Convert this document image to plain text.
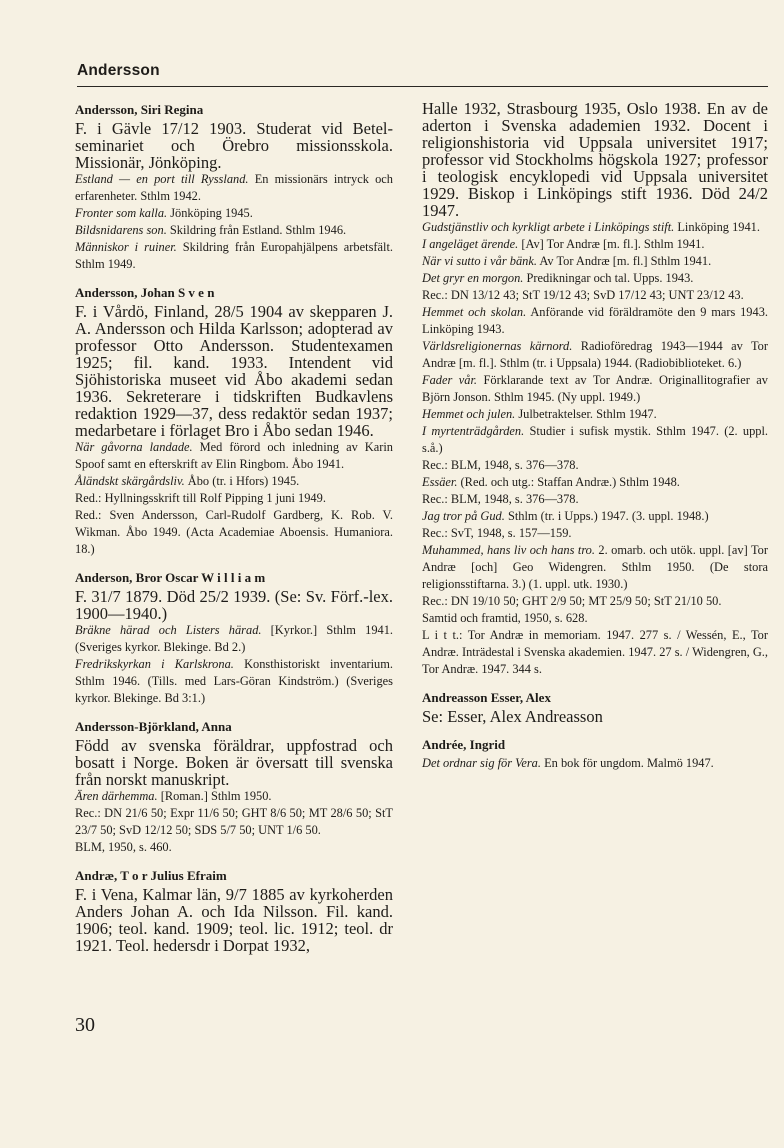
Andersson
Andersson, Siri Regina

F. i Gävle 17/12 1903. Studerat vid Betel-seminariet och Örebro missionsskola. Missionär, Jönköping.

Estland — en port till Ryssland. En missionärs intryck och erfarenheter. Sthlm 1942.

Fronter som kalla. Jönköping 1945.

Bildsnidarens son. Skildring från Estland. Sthlm 1946.

Människor i ruiner. Skildring från Europahjälpens arbetsfält. Sthlm 1949.

Andersson, Johan S v e n

F. i Vårdö, Finland, 28/5 1904 av skepparen J. A. Andersson och Hilda Karlsson; adopterad av professor Otto Andersson. Studentexamen 1925; fil. kand. 1933. Intendent vid Sjöhistoriska museet vid Åbo akademi sedan 1936. Sekreterare i tidskriften Budkavlens redaktion 1929—37, dess redaktör sedan 1937; medarbetare i förlaget Bro i Åbo sedan 1946.

När gåvorna landade. Med förord och inledning av Karin Spoof samt en efterskrift av Elin Ringbom. Åbo 1941.

Åländskt skärgårdsliv. Åbo (tr. i Hfors) 1945.

Red.: Hyllningsskrift till Rolf Pipping 1 juni 1949.

Red.: Sven Andersson, Carl-Rudolf Gardberg, K. Rob. V. Wikman. Åbo 1949. (Acta Academiae Aboensis. Humaniora. 18.)

Anderson, Bror Oscar W i l l i a m

F. 31/7 1879. Död 25/2 1939. (Se: Sv. Förf.-lex. 1900—1940.)

Bräkne härad och Listers härad. [Kyrkor.] Sthlm 1941. (Sveriges kyrkor. Blekinge. Bd 2.)

Fredrikskyrkan i Karlskrona. Konsthistoriskt inventarium. Sthlm 1946. (Tills. med Lars-Göran Kindström.) (Sveriges kyrkor. Blekinge. Bd 3:1.)

Andersson-Björkland, Anna

Född av svenska föräldrar, uppfostrad och bosatt i Norge. Boken är översatt till svenska från norskt manuskript.

Ären därhemma. [Roman.] Sthlm 1950.

Rec.: DN 21/6 50; Expr 11/6 50; GHT 8/6 50; MT 28/6 50; StT 23/7 50; SvD 12/12 50; SDS 5/7 50; UNT 1/6 50.

BLM, 1950, s. 460.

Andræ, T o r Julius Efraim

F. i Vena, Kalmar län, 9/7 1885 av kyrkoherden Anders Johan A. och Ida Nilsson. Fil. kand. 1906; teol. kand. 1909; teol. lic. 1912; teol. dr 1921. Teol. hedersdr i Dorpat 1932,

Halle 1932, Strasbourg 1935, Oslo 1938. En av de aderton i Svenska adademien 1932. Docent i religionshistoria vid Uppsala universitet 1917; professor vid Stockholms högskola 1927; professor i teologisk encyklopedi vid Uppsala universitet 1929. Biskop i Linköpings stift 1936. Död 24/2 1947.

Gudstjänstliv och kyrkligt arbete i Linköpings stift. Linköping 1941.

I angeläget ärende. [Av] Tor Andræ [m. fl.]. Sthlm 1941.

När vi sutto i vår bänk. Av Tor Andræ [m. fl.] Sthlm 1941.

Det gryr en morgon. Predikningar och tal. Upps. 1943.

Rec.: DN 13/12 43; StT 19/12 43; SvD 17/12 43; UNT 23/12 43.

Hemmet och skolan. Anförande vid föräldramöte den 9 mars 1943. Linköping 1943.

Världsreligionernas kärnord. Radioföredrag 1943—1944 av Tor Andræ [m. fl.]. Sthlm (tr. i Uppsala) 1944. (Radiobiblioteket. 6.)

Fader vår. Förklarande text av Tor Andræ. Originallitografier av Björn Jonson. Sthlm 1945. (Ny uppl. 1949.)

Hemmet och julen. Julbetraktelser. Sthlm 1947.

I myrtenträdgården. Studier i sufisk mystik. Sthlm 1947. (2. uppl. s.å.)

Rec.: BLM, 1948, s. 376—378.

Essäer. (Red. och utg.: Staffan Andræ.) Sthlm 1948.

Rec.: BLM, 1948, s. 376—378.

Jag tror på Gud. Sthlm (tr. i Upps.) 1947. (3. uppl. 1948.)

Rec.: SvT, 1948, s. 157—159.

Muhammed, hans liv och hans tro. 2. omarb. och utök. uppl. [av] Tor Andræ [och] Geo Widengren. Sthlm 1950. (De stora religionsstiftarna. 3.) (1. uppl. utk. 1930.)

Rec.: DN 19/10 50; GHT 2/9 50; MT 25/9 50; StT 21/10 50.

Samtid och framtid, 1950, s. 628.

L i t t.: Tor Andræ in memoriam. 1947. 277 s. / Wessén, E., Tor Andræ. Inträdestal i Svenska akademien. 1947. 27 s. / Widengren, G., Tor Andræ. 1947. 344 s.

Andreasson Esser, Alex

Se: Esser, Alex Andreasson

Andrée, Ingrid

Det ordnar sig för Vera. En bok för ungdom. Malmö 1947.

30
